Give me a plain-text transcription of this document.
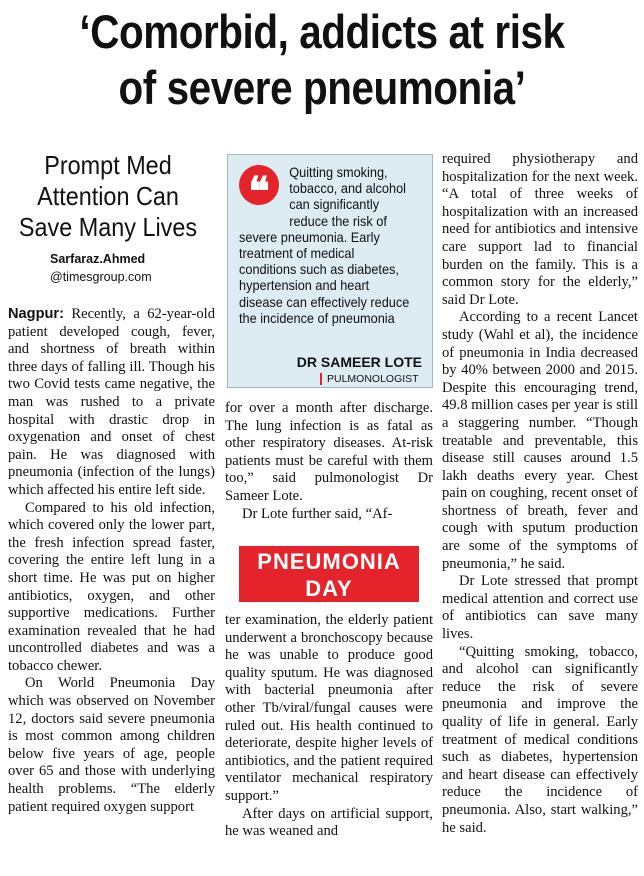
‘Comorbid, addicts at risk
of severe pneumonia’
Prompt Med Attention Can Save Many Lives
Sarfaraz.Ahmed
@timesgroup.com

Nagpur: Recently, a 62-year-old patient developed cough, fever, and shortness of breath within three days of falling ill. Though his two Covid tests came negative, the man was rushed to a private hospital with drastic drop in oxygenation and onset of chest pain. He was diagnosed with pneumonia (infection of the lungs) which affected his entire left side.

Compared to his old infection, which covered only the lower part, the fresh infection spread faster, covering the entire left lung in a short time. He was put on higher antibiotics, oxygen, and other supportive medications. Further examination revealed that he had uncontrolled diabetes and was a tobacco chewer.

On World Pneumonia Day which was observed on November 12, doctors said severe pneumonia is most common among children below five years of age, people over 65 and those with underlying health problems. “The elderly patient required oxygen support

❝	Quitting smoking, tobacco, and alcohol can significantly reduce the risk of severe pneumonia. Early treatment of medical conditions such as diabetes, hypertension and heart disease can effectively reduce the incidence of pneumonia
DR SAMEER LOTE
PULMONOLOGIST

for over a month after discharge. The lung infection is as fatal as other respiratory diseases. At-risk patients must be careful with them too,” said pulmonologist Dr Sameer Lote.

Dr Lote further said, “Af-

PNEUMONIA
DAY

ter examination, the elderly patient underwent a bronchoscopy because he was unable to produce good quality sputum. He was diagnosed with bacterial pneumonia after other Tb/viral/fungal causes were ruled out. His health continued to deteriorate, despite higher levels of antibiotics, and the patient required ventilator mechanical respiratory support.”

After days on artificial support, he was weaned and

required physiotherapy and hospitalization for the next week. “A total of three weeks of hospitalization with an increased need for antibiotics and intensive care support lad to financial burden on the family. This is a common story for the elderly,” said Dr Lote.

According to a recent Lancet study (Wahl et al), the incidence of pneumonia in India decreased by 40% between 2000 and 2015. Despite this encouraging trend, 49.8 million cases per year is still a staggering number. “Though treatable and preventable, this disease still causes around 1.5 lakh deaths every year. Chest pain on coughing, recent onset of shortness of breath, fever and cough with sputum production are some of the symptoms of pneumonia,” he said.

Dr Lote stressed that prompt medical attention and correct use of antibiotics can save many lives.

“Quitting smoking, tobacco, and alcohol can significantly reduce the risk of severe pneumonia and improve the quality of life in general. Early treatment of medical conditions such as diabetes, hypertension and heart disease can effectively reduce the incidence of pneumonia. Also, start walking,” he said.
